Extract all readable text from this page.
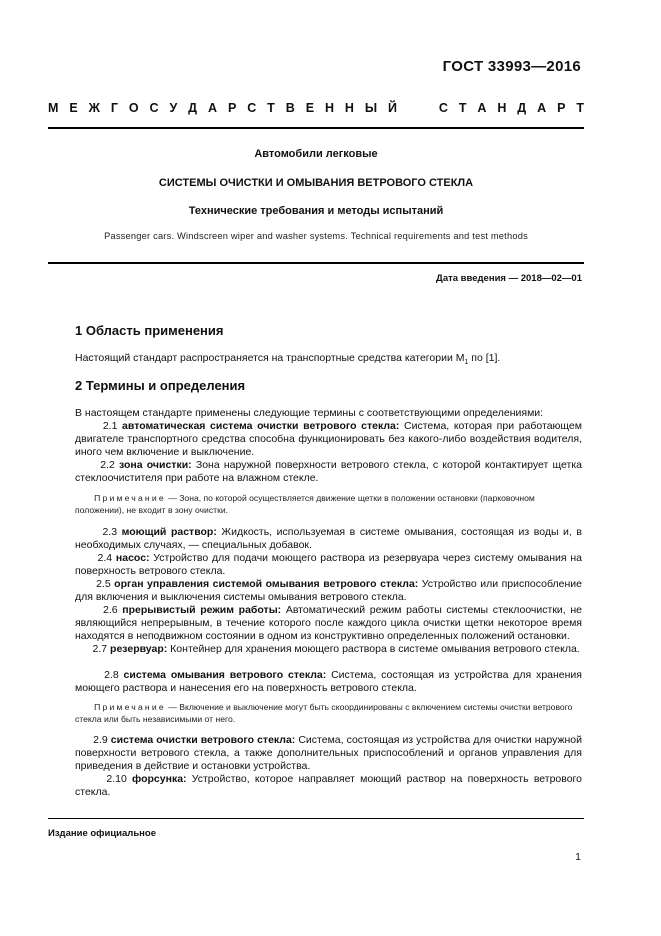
ГОСТ 33993—2016
М Е Ж Г О С У Д А Р С Т В Е Н Н Ы Й
	С Т А Н Д А Р Т
Автомобили легковые
СИСТЕМЫ ОЧИСТКИ И ОМЫВАНИЯ ВЕТРОВОГО СТЕКЛА
Технические требования и методы испытаний
Passenger cars. Windscreen wiper and washer systems. Technical requirements and test methods
Дата введения — 2018—02—01
1 Область применения
Настоящий стандарт распространяется на транспортные средства категории $М_1$ по [1].
2 Термины и определения
В настоящем стандарте применены следующие термины с соответствующими определениями:
2.1 автоматическая система очистки ветрового стекла: Система, которая при работающем двигателе транспортного средства способна функционировать без какого-либо воздействия водителя, иного чем включение и выключение.
2.2 зона очистки: Зона наружной поверхности ветрового стекла, с которой контактирует щетка стеклоочистителя при работе на влажном стекле.
Примечание — Зона, по которой осуществляется движение щетки в положении остановки (парковочном положении), не входит в зону очистки.
2.3 моющий раствор: Жидкость, используемая в системе омывания, состоящая из воды и, в необходимых случаях, — специальных добавок.
2.4 насос: Устройство для подачи моющего раствора из резервуара через систему омывания на поверхность ветрового стекла.
2.5 орган управления системой омывания ветрового стекла: Устройство или приспособление для включения и выключения системы омывания ветрового стекла.
2.6 прерывистый режим работы: Автоматический режим работы системы стеклоочистки, не являющийся непрерывным, в течение которого после каждого цикла очистки щетки некоторое время находятся в неподвижном состоянии в одном из конструктивно определенных положений остановки.
2.7 резервуар: Контейнер для хранения моющего раствора в системе омывания ветрового стекла.
2.8 система омывания ветрового стекла: Система, состоящая из устройства для хранения моющего раствора и нанесения его на поверхность ветрового стекла.
Примечание — Включение и выключение могут быть скоординированы с включением системы очистки ветрового стекла или быть независимыми от него.
2.9 система очистки ветрового стекла: Система, состоящая из устройства для очистки наружной поверхности ветрового стекла, а также дополнительных приспособлений и органов управления для приведения в действие и остановки устройства.
2.10 форсунка: Устройство, которое направляет моющий раствор на поверхность ветрового стекла.
Издание официальное
1
